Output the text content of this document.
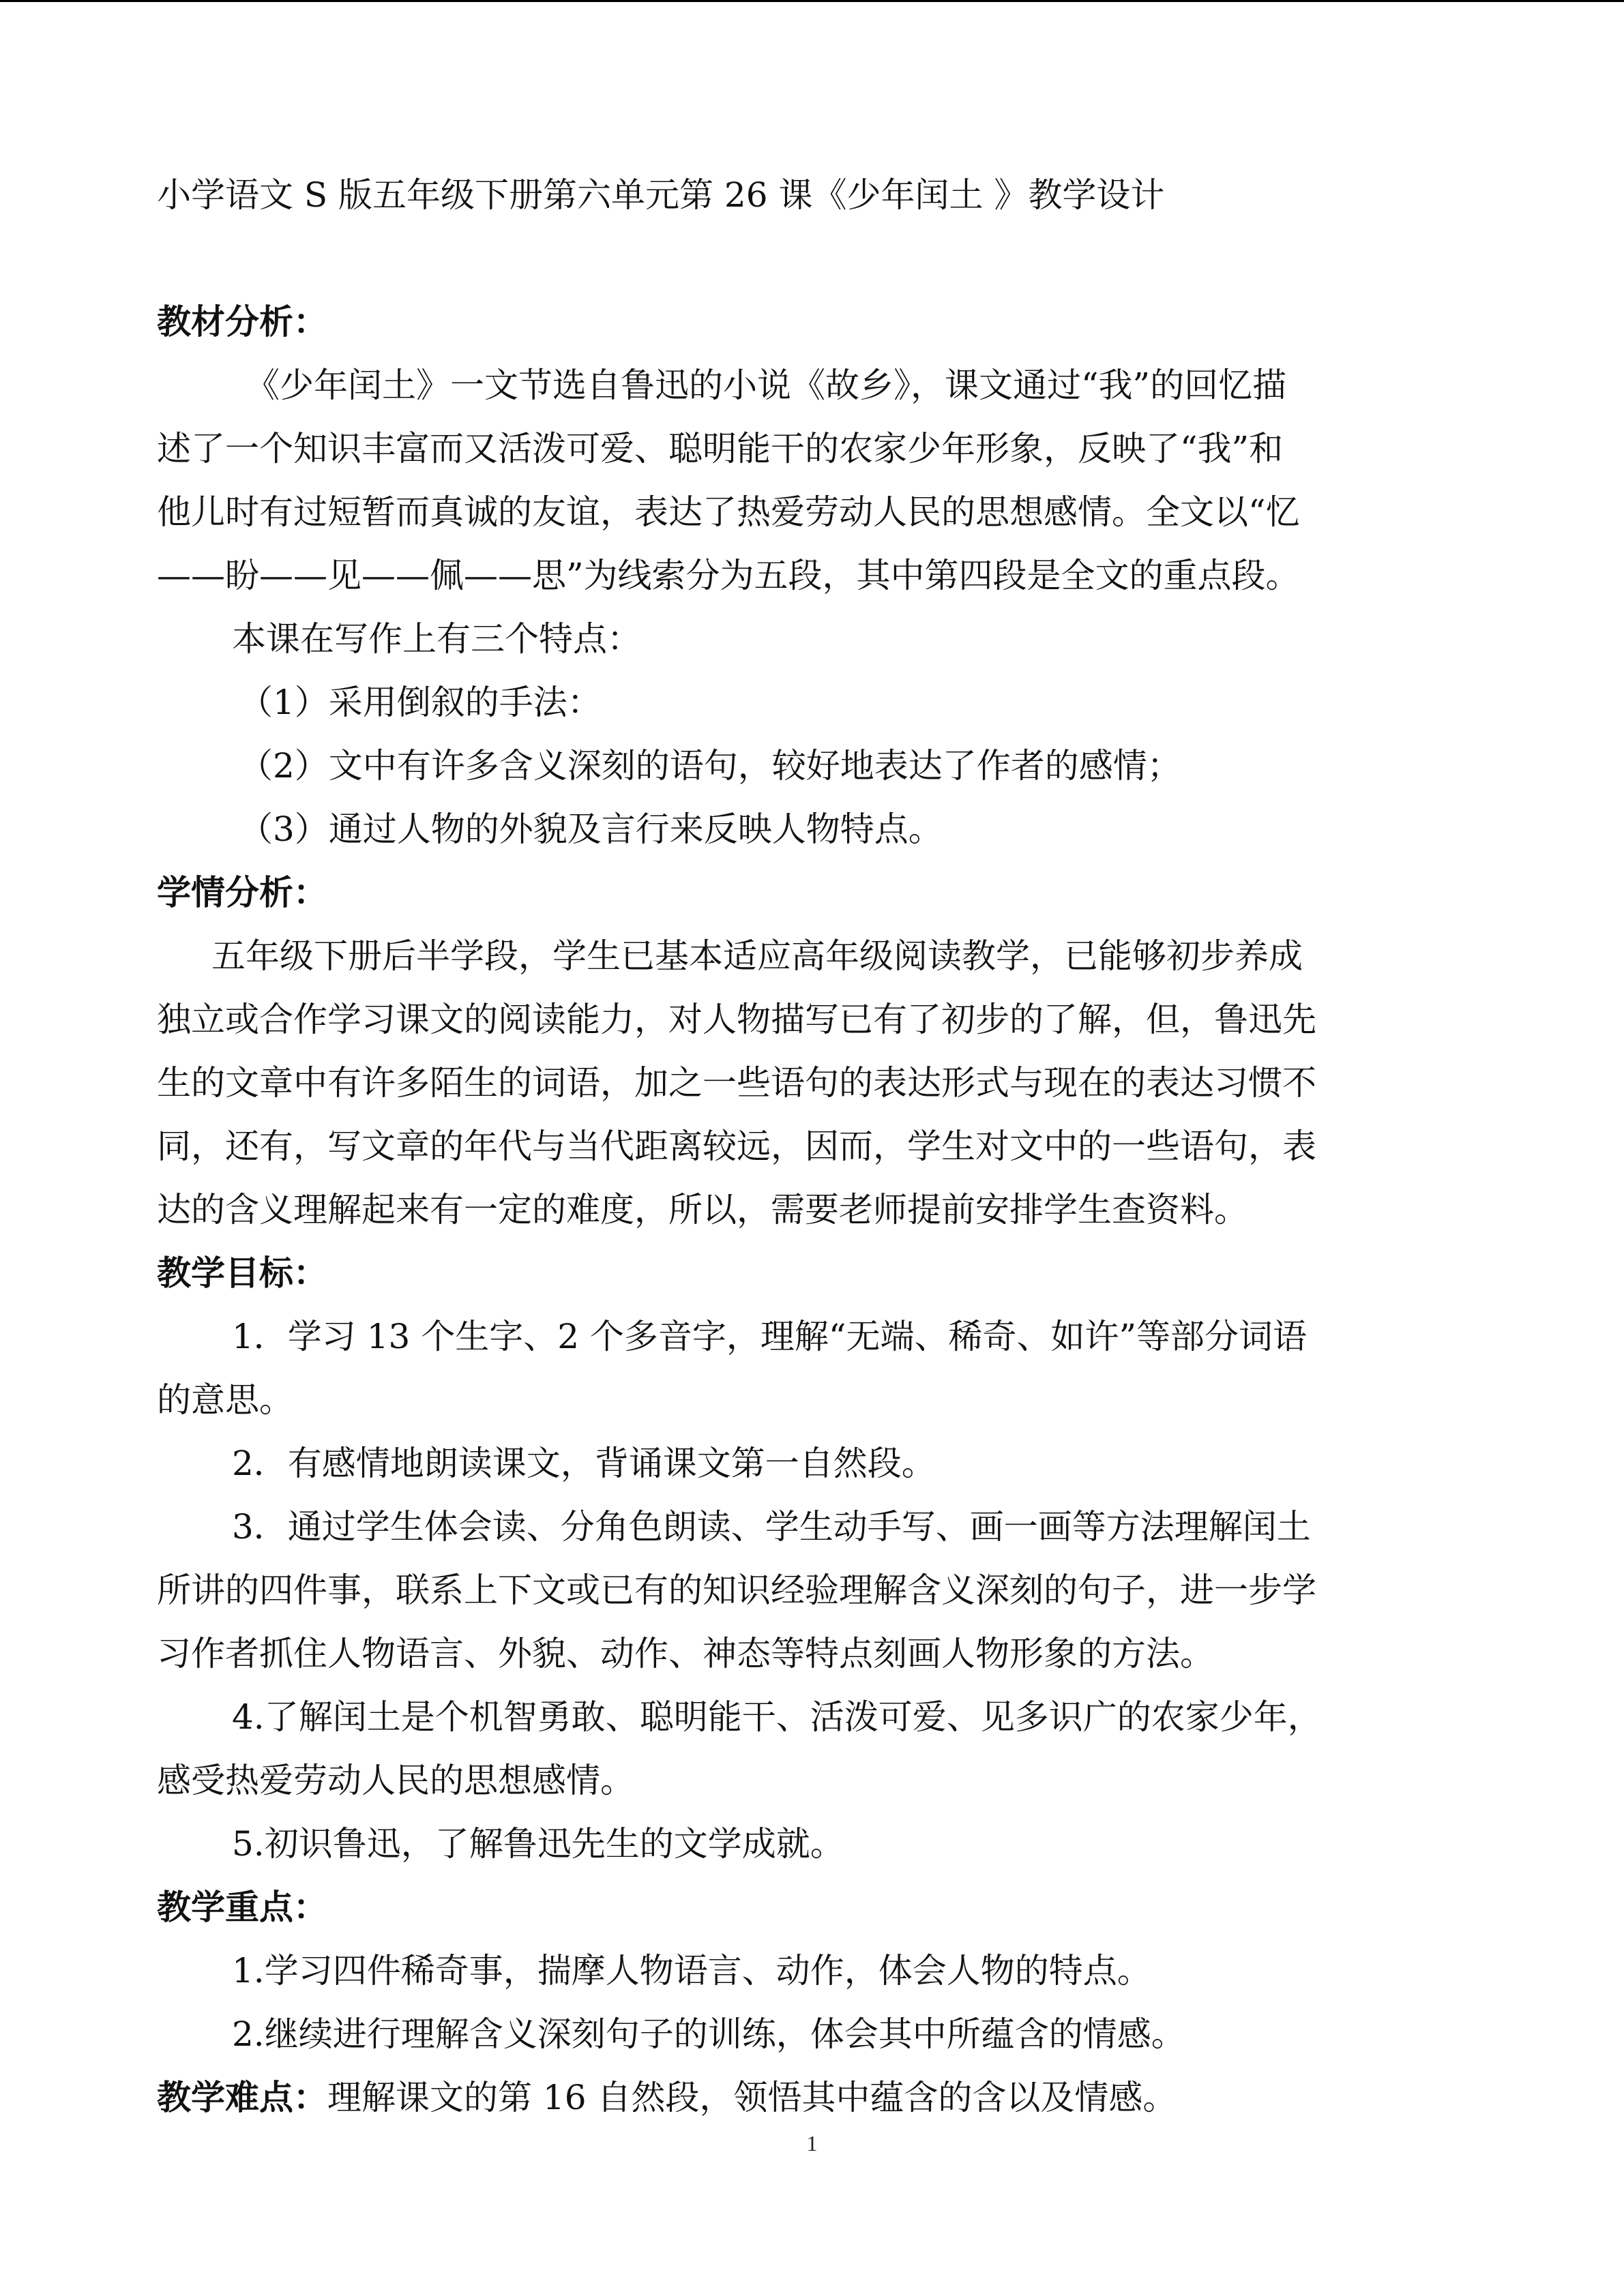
小学语文 S 版五年级下册第六单元第 26 课《少年闰土 》教学设计

教材分析：

《少年闰土》一文节选自鲁迅的小说《故乡》，课文通过“我”的回忆描

述了一个知识丰富而又活泼可爱、聪明能干的农家少年形象，反映了“我”和

他儿时有过短暂而真诚的友谊，表达了热爱劳动人民的思想感情。全文以“忆

——盼——见——佩——思”为线索分为五段，其中第四段是全文的重点段。

本课在写作上有三个特点：

（1）采用倒叙的手法：

（2）文中有许多含义深刻的语句，较好地表达了作者的感情；

（3）通过人物的外貌及言行来反映人物特点。

学情分析：

五年级下册后半学段，学生已基本适应高年级阅读教学，已能够初步养成

独立或合作学习课文的阅读能力，对人物描写已有了初步的了解，但，鲁迅先

生的文章中有许多陌生的词语，加之一些语句的表达形式与现在的表达习惯不

同，还有，写文章的年代与当代距离较远，因而，学生对文中的一些语句，表

达的含义理解起来有一定的难度，所以，需要老师提前安排学生查资料。

教学目标：

1．学习 13 个生字、2 个多音字，理解“无端、稀奇、如许”等部分词语

的意思。

2．有感情地朗读课文，背诵课文第一自然段。

3．通过学生体会读、分角色朗读、学生动手写、画一画等方法理解闰土

所讲的四件事，联系上下文或已有的知识经验理解含义深刻的句子，进一步学

习作者抓住人物语言、外貌、动作、神态等特点刻画人物形象的方法。

4.了解闰土是个机智勇敢、聪明能干、活泼可爱、见多识广的农家少年，

感受热爱劳动人民的思想感情。

5.初识鲁迅，了解鲁迅先生的文学成就。

教学重点：

1.学习四件稀奇事，揣摩人物语言、动作，体会人物的特点。

2.继续进行理解含义深刻句子的训练，体会其中所蕴含的情感。

教学难点：理解课文的第 16 自然段，领悟其中蕴含的含以及情感。

1
